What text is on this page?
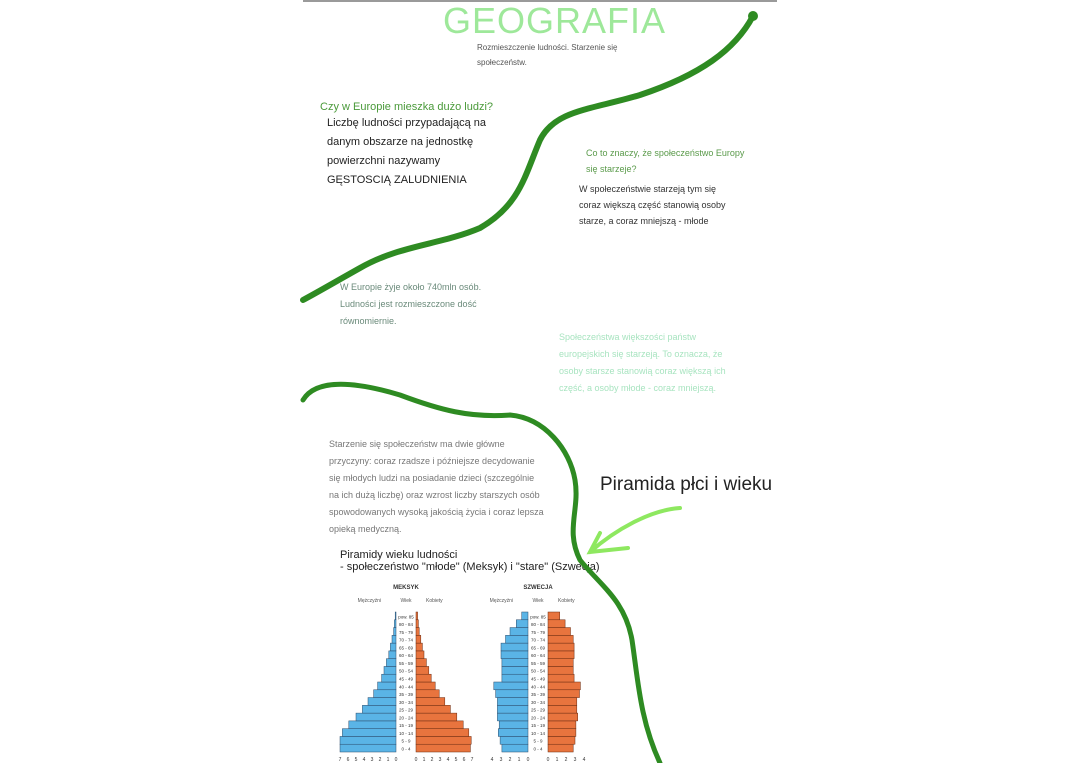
GEOGRAFIA
Rozmieszczenie ludności. Starzenie się społeczeństw.
Czy w Europie mieszka dużo ludzi?
Liczbę ludności przypadającą na danym obszarze na jednostkę powierzchni nazywamy GĘSTOSCIĄ ZALUDNIENIA
Co to znaczy, że społeczeństwo Europy się starzeje?
W społeczeństwie starzeją tym się coraz większą część stanowią osoby starze, a coraz mniejszą - młode
W Europie żyje około 740mln osób. Ludności jest rozmieszczone dość równomiernie.
Społeczeństwa większości państw europejskich się starzeją. To oznacza, że osoby starsze stanowią coraz większą ich część, a osoby młode - coraz mniejszą.
Starzenie się społeczeństw ma dwie główne przyczyny: coraz rzadsze i późniejsze decydowanie się młodych ludzi na posiadanie dzieci (szczególnie na ich dużą liczbę) oraz wzrost liczby starszych osób spowodowanych wysoką jakością życia i coraz lepsza opieką medyczną.
Piramida płci i wieku
Piramidy wieku ludności
- społeczeństwo "młode" (Meksyk) i "stare" (Szwecja)
MEKSYK
Mężczyźni	Wiek	Kobiety
0 - 4
5 - 9
10 - 14
15 - 19
20 - 24
25 - 29
30 - 34
35 - 39
40 - 44
45 - 49
50 - 54
55 - 59
60 - 64
65 - 69
70 - 74
75 - 79
80 - 84
pow. 85
7 6 5 4 3 2 1 0	0 1 2 3 4 5 6 7
SZWECJA
Mężczyźni	Wiek	Kobiety
0 - 4
5 - 9
10 - 14
15 - 19
20 - 24
25 - 29
30 - 34
35 - 39
40 - 44
45 - 49
50 - 54
55 - 59
60 - 64
65 - 69
70 - 74
75 - 79
80 - 84
pow. 85
4 3 2 1 0	0 1 2 3 4
